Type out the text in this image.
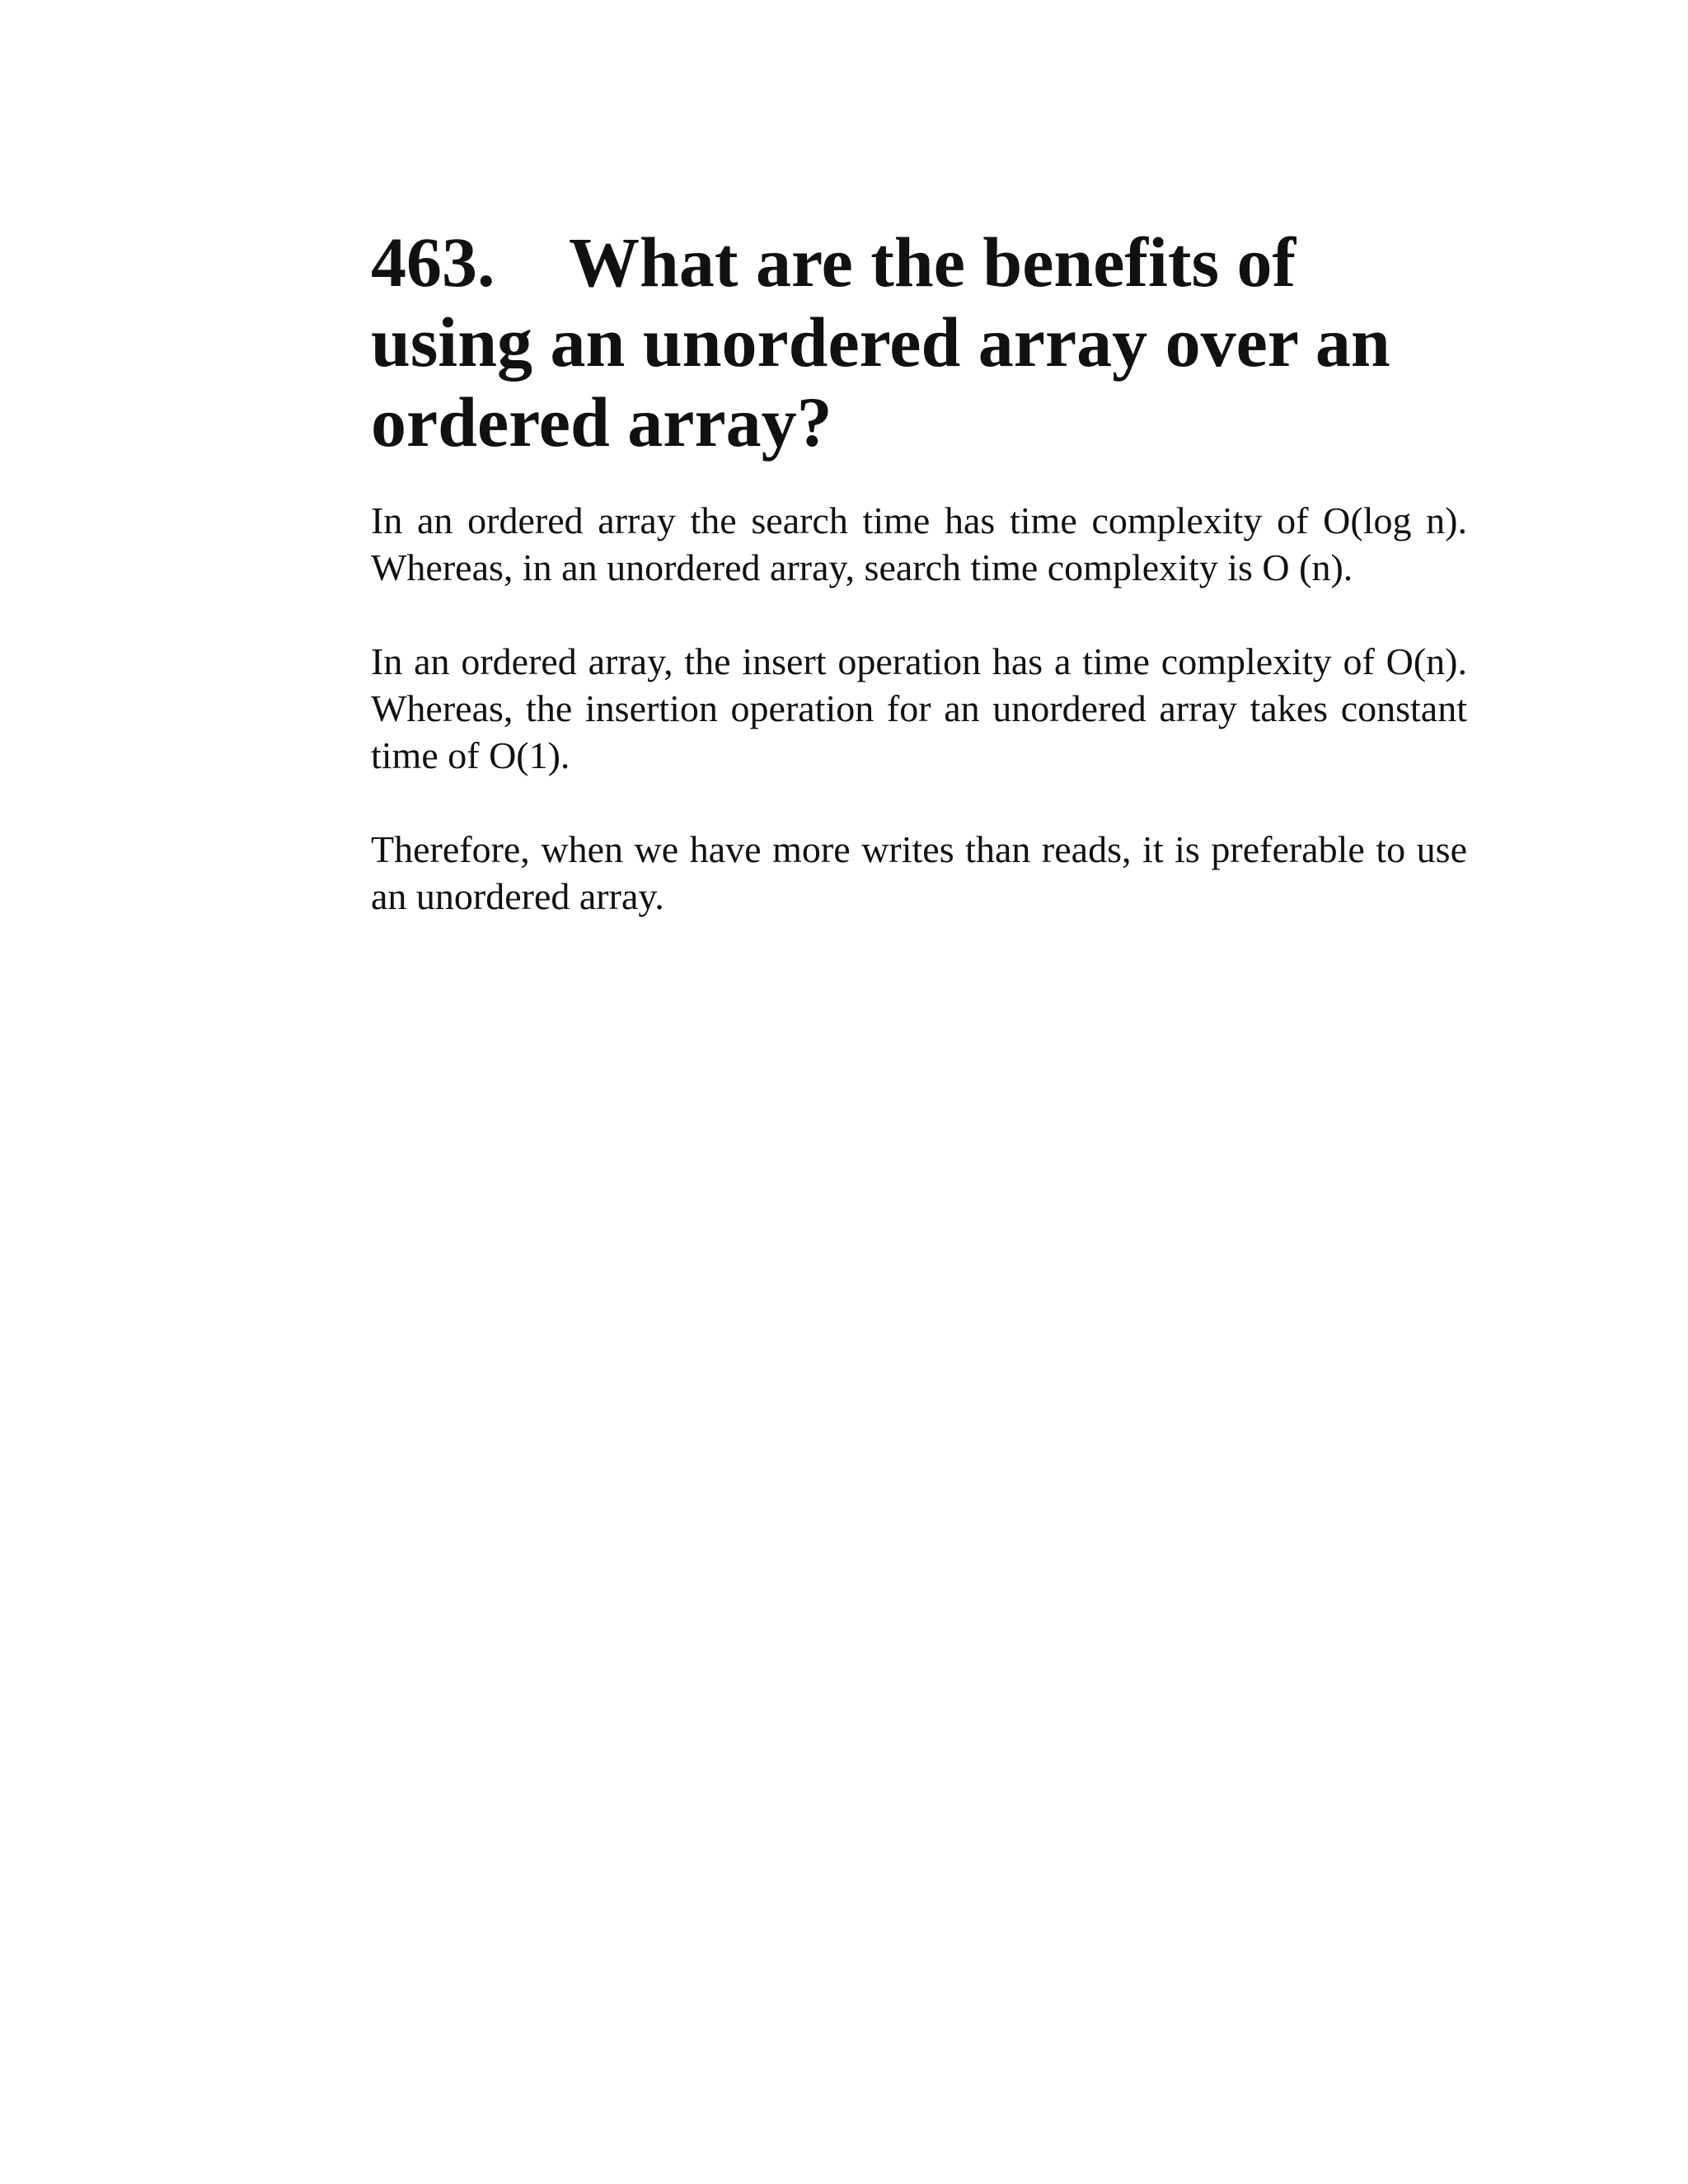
463. What are the benefits of using an unordered array over an ordered array?

In an ordered array the search time has time complexity of O(log n). Whereas, in an unordered array, search time complexity is O (n).

In an ordered array, the insert operation has a time complexity of O(n). Whereas, the insertion operation for an unordered array takes constant time of O(1).

Therefore, when we have more writes than reads, it is preferable to use an unordered array.
